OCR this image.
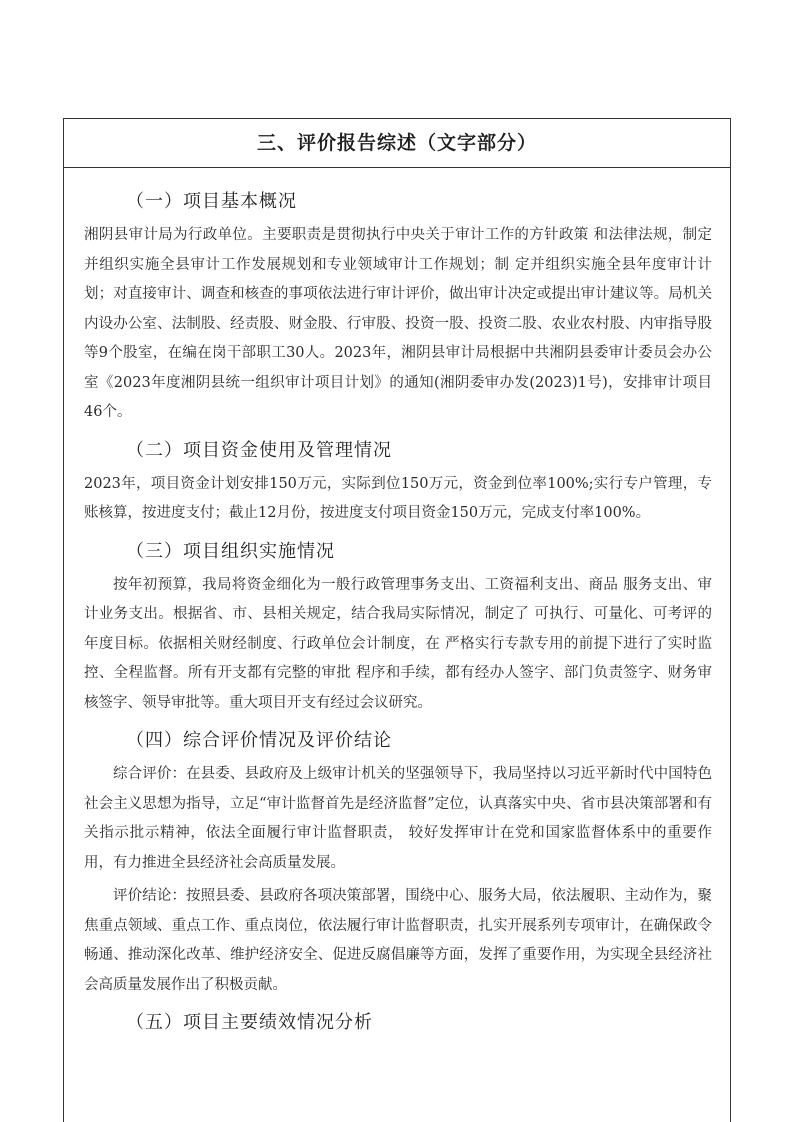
三、评价报告综述（文字部分）
（一）项目基本概况

湘阴县审计局为行政单位。主要职责是贯彻执行中央关于审计工作的方针政策 和法律法规，制定并组织实施全县审计工作发展规划和专业领域审计工作规划；制 定并组织实施全县年度审计计划；对直接审计、调查和核查的事项依法进行审计评价，做出审计决定或提出审计建议等。局机关内设办公室、法制股、经责股、财金股、行审股、投资一股、投资二股、农业农村股、内审指导股等9个股室，在编在岗干部职工30人。2023年，湘阴县审计局根据中共湘阴县委审计委员会办公室《2023年度湘阴县统一组织审计项目计划》的通知(湘阴委审办发(2023)1号)，安排审计项目46个。

（二）项目资金使用及管理情况

2023年，项目资金计划安排150万元，实际到位150万元，资金到位率100%;实行专户管理，专账核算，按进度支付；截止12月份，按进度支付项目资金150万元，完成支付率100%。

（三）项目组织实施情况

按年初预算，我局将资金细化为一般行政管理事务支出、工资福利支出、商品 服务支出、审计业务支出。根据省、市、县相关规定，结合我局实际情况，制定了 可执行、可量化、可考评的年度目标。依据相关财经制度、行政单位会计制度，在 严格实行专款专用的前提下进行了实时监控、全程监督。所有开支都有完整的审批 程序和手续，都有经办人签字、部门负责签字、财务审核签字、领导审批等。重大项目开支有经过会议研究。

（四）综合评价情况及评价结论

综合评价：在县委、县政府及上级审计机关的坚强领导下，我局坚持以习近平新时代中国特色社会主义思想为指导，立足“审计监督首先是经济监督”定位，认真落实中央、省市县决策部署和有关指示批示精神，依法全面履行审计监督职责， 较好发挥审计在党和国家监督体系中的重要作用，有力推进全县经济社会高质量发展。

评价结论：按照县委、县政府各项决策部署，围绕中心、服务大局，依法履职、主动作为，聚焦重点领域、重点工作、重点岗位，依法履行审计监督职责，扎实开展系列专项审计，在确保政令畅通、推动深化改革、维护经济安全、促进反腐倡廉等方面，发挥了重要作用，为实现全县经济社会高质量发展作出了积极贡献。

（五）项目主要绩效情况分析
